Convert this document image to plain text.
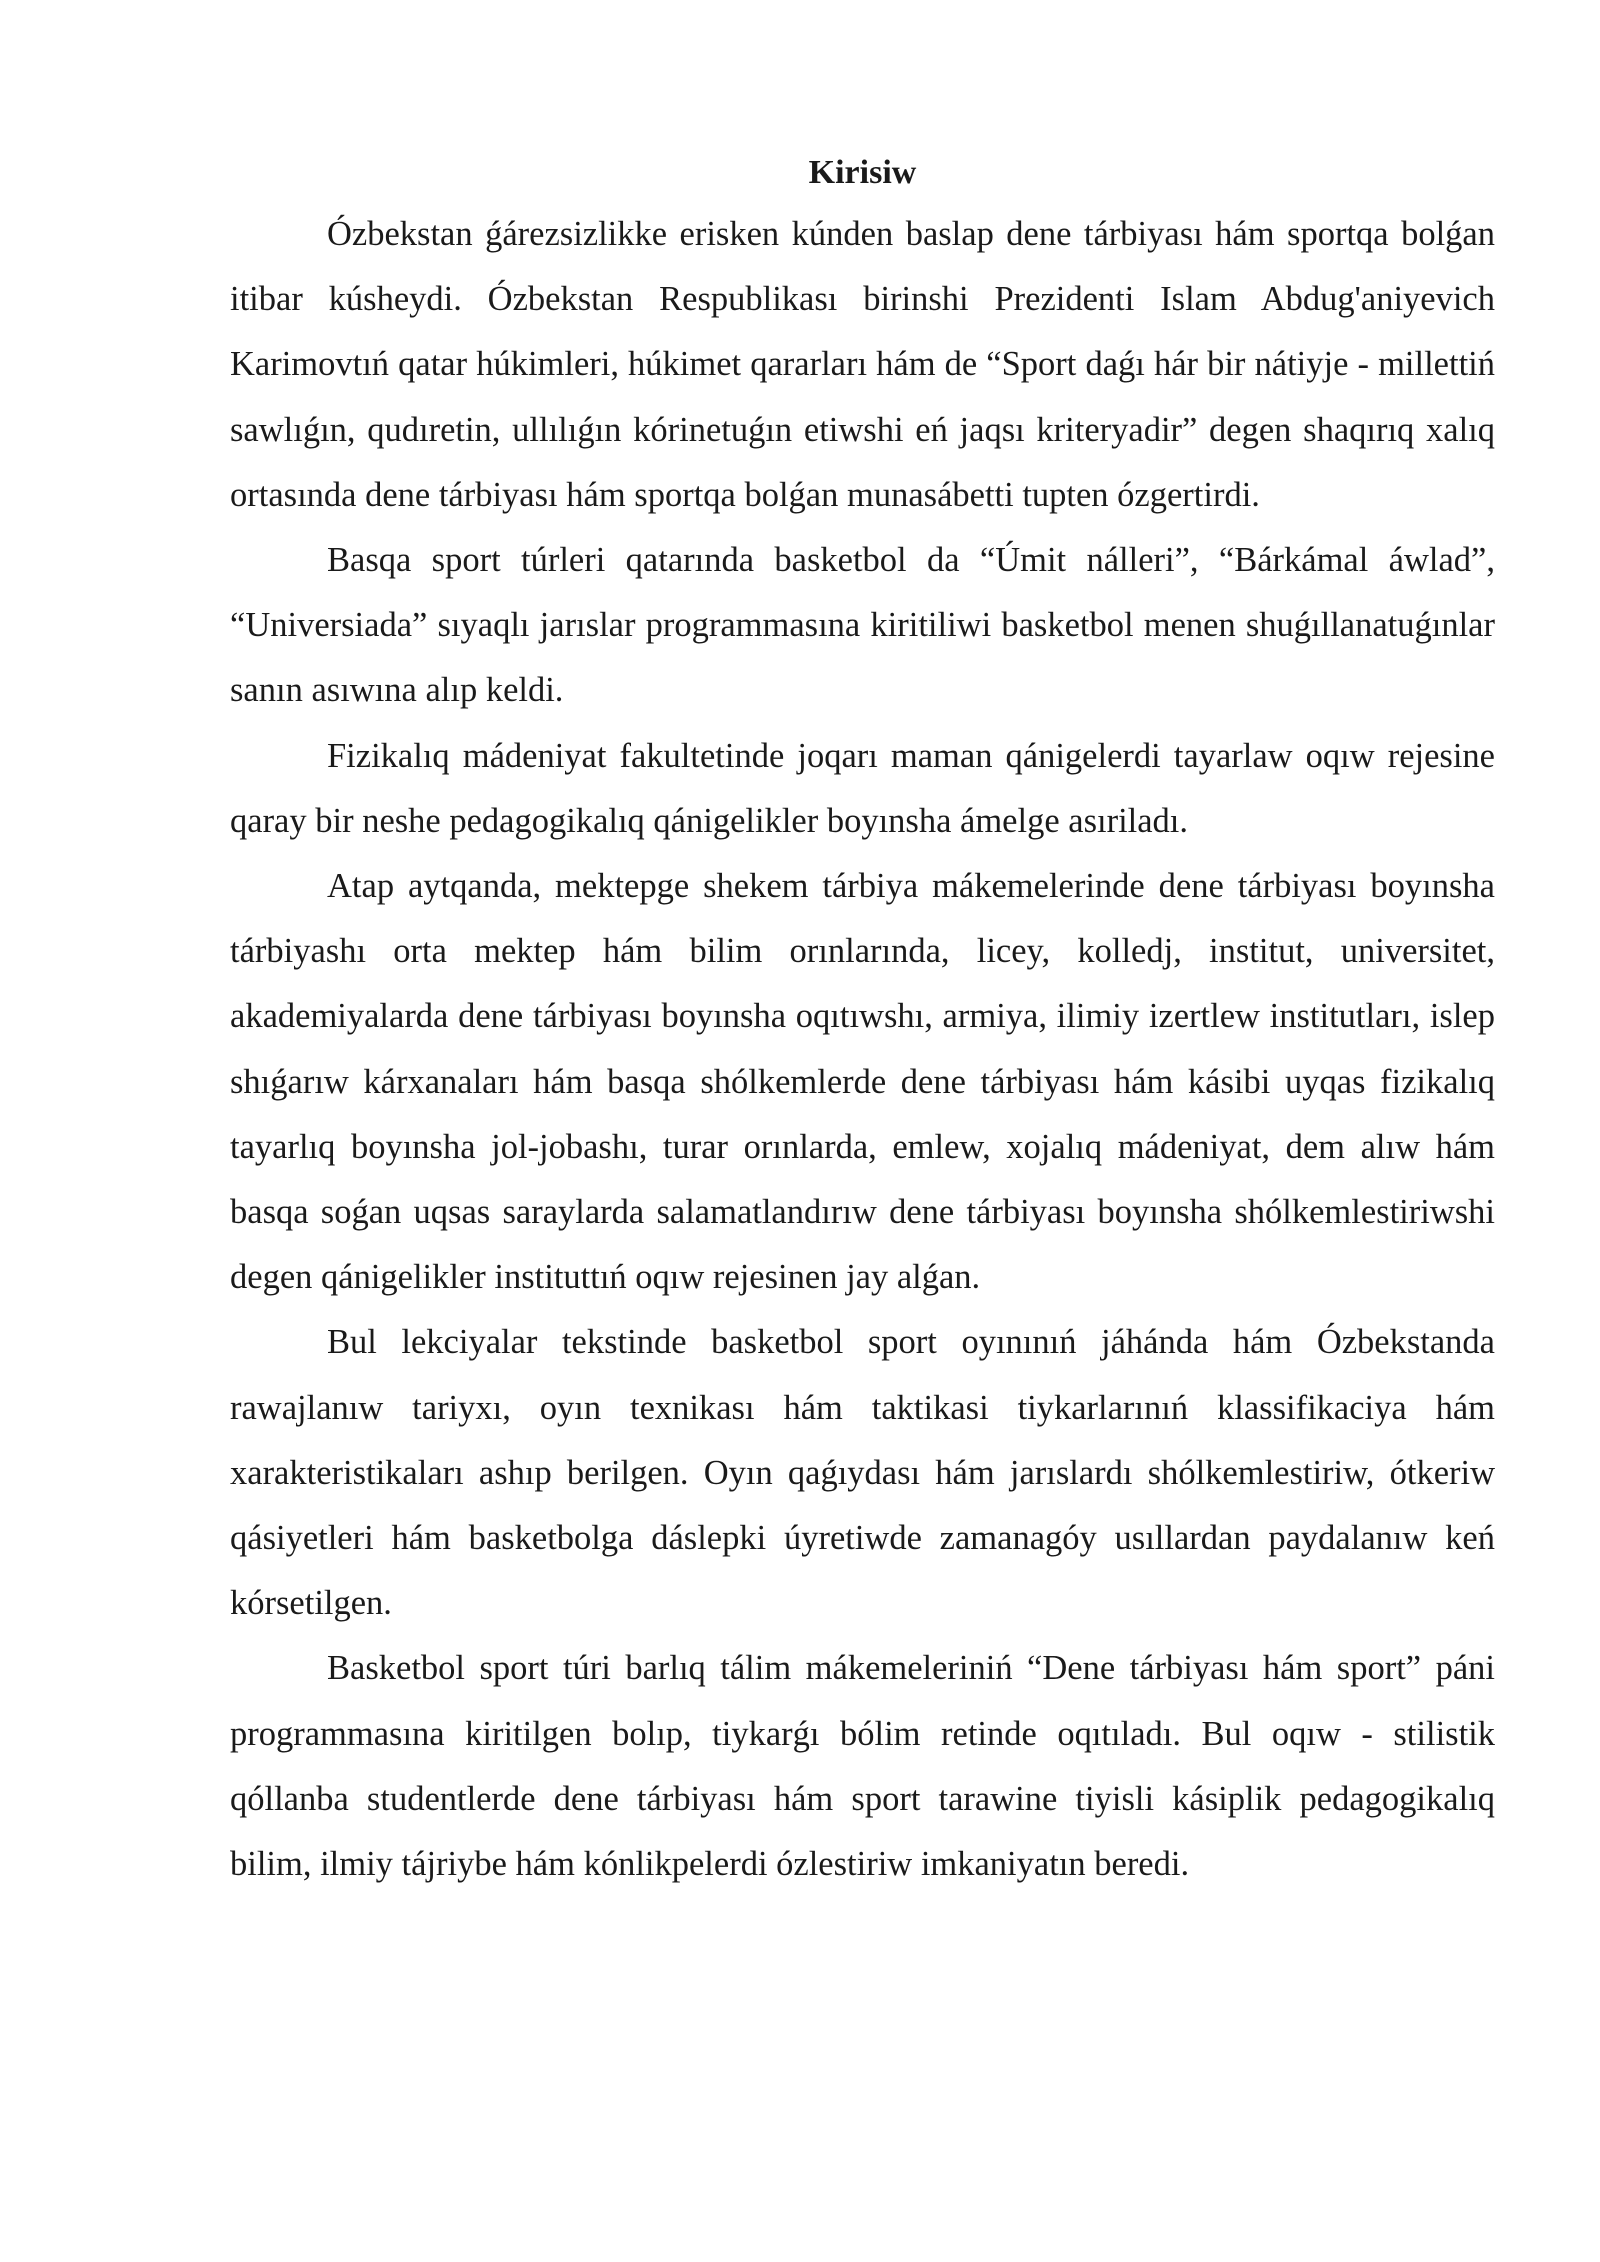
Kirisiw

Ózbekstan ǵárezsizlikke erisken kúnden baslap dene tárbiyası hám sportqa bolǵan itibar kúsheydi. Ózbekstan Respublikası birinshi Prezidenti Islam Abdug'aniyevich Karimovtıń qatar húkimleri, húkimet qararları hám de “Sport daǵı hár bir nátiyje - millettiń sawlıǵın, qudıretin, ullılıǵın kórinetuǵın etiwshi eń jaqsı kriteryadir” degen shaqırıq xalıq ortasında dene tárbiyası hám sportqa bolǵan munasábetti tupten ózgertirdi.

Basqa sport túrleri qatarında basketbol da “Úmit nálleri”, “Bárkámal áwlad”, “Universiada” sıyaqlı jarıslar programmasına kiritiliwi basketbol menen shuǵıllanatuǵınlar sanın asıwına alıp keldi.

Fizikalıq mádeniyat fakultetinde joqarı maman qánigelerdi tayarlaw oqıw rejesine qaray bir neshe pedagogikalıq qánigelikler boyınsha ámelge asıriladı.

Atap aytqanda, mektepge shekem tárbiya mákemelerinde dene tárbiyası boyınsha tárbiyashı orta mektep hám bilim orınlarında, licey, kolledj, institut, universitet, akademiyalarda dene tárbiyası boyınsha oqıtıwshı, armiya, ilimiy izertlew institutları, islep shıǵarıw kárxanaları hám basqa shólkemlerde dene tárbiyası hám kásibi uyqas fizikalıq tayarlıq boyınsha jol-jobashı, turar orınlarda, emlew, xojalıq mádeniyat, dem alıw hám basqa soǵan uqsas saraylarda salamatlandırıw dene tárbiyası boyınsha shólkemlestiriwshi degen qánigelikler instituttıń oqıw rejesinen jay alǵan.

Bul lekciyalar tekstinde basketbol sport oyınınıń jáhánda hám Ózbekstanda rawajlanıw tariyxı, oyın texnikası hám taktikasi tiykarlarınıń klassifikaciya hám xarakteristikaları ashıp berilgen. Oyın qaǵıydası hám jarıslardı shólkemlestiriw, ótkeriw qásiyetleri hám basketbolga dáslepki úyretiwde zamanagóy usıllardan paydalanıw keń kórsetilgen.

Basketbol sport túri barlıq tálim mákemeleriniń “Dene tárbiyası hám sport” páni programmasına kiritilgen bolıp, tiykarǵı bólim retinde oqıtıladı. Bul oqıw - stilistik qóllanba studentlerde dene tárbiyası hám sport tarawine tiyisli kásiplik pedagogikalıq bilim, ilmiy tájriybe hám kónlikpelerdi ózlestiriw imkaniyatın beredi.
